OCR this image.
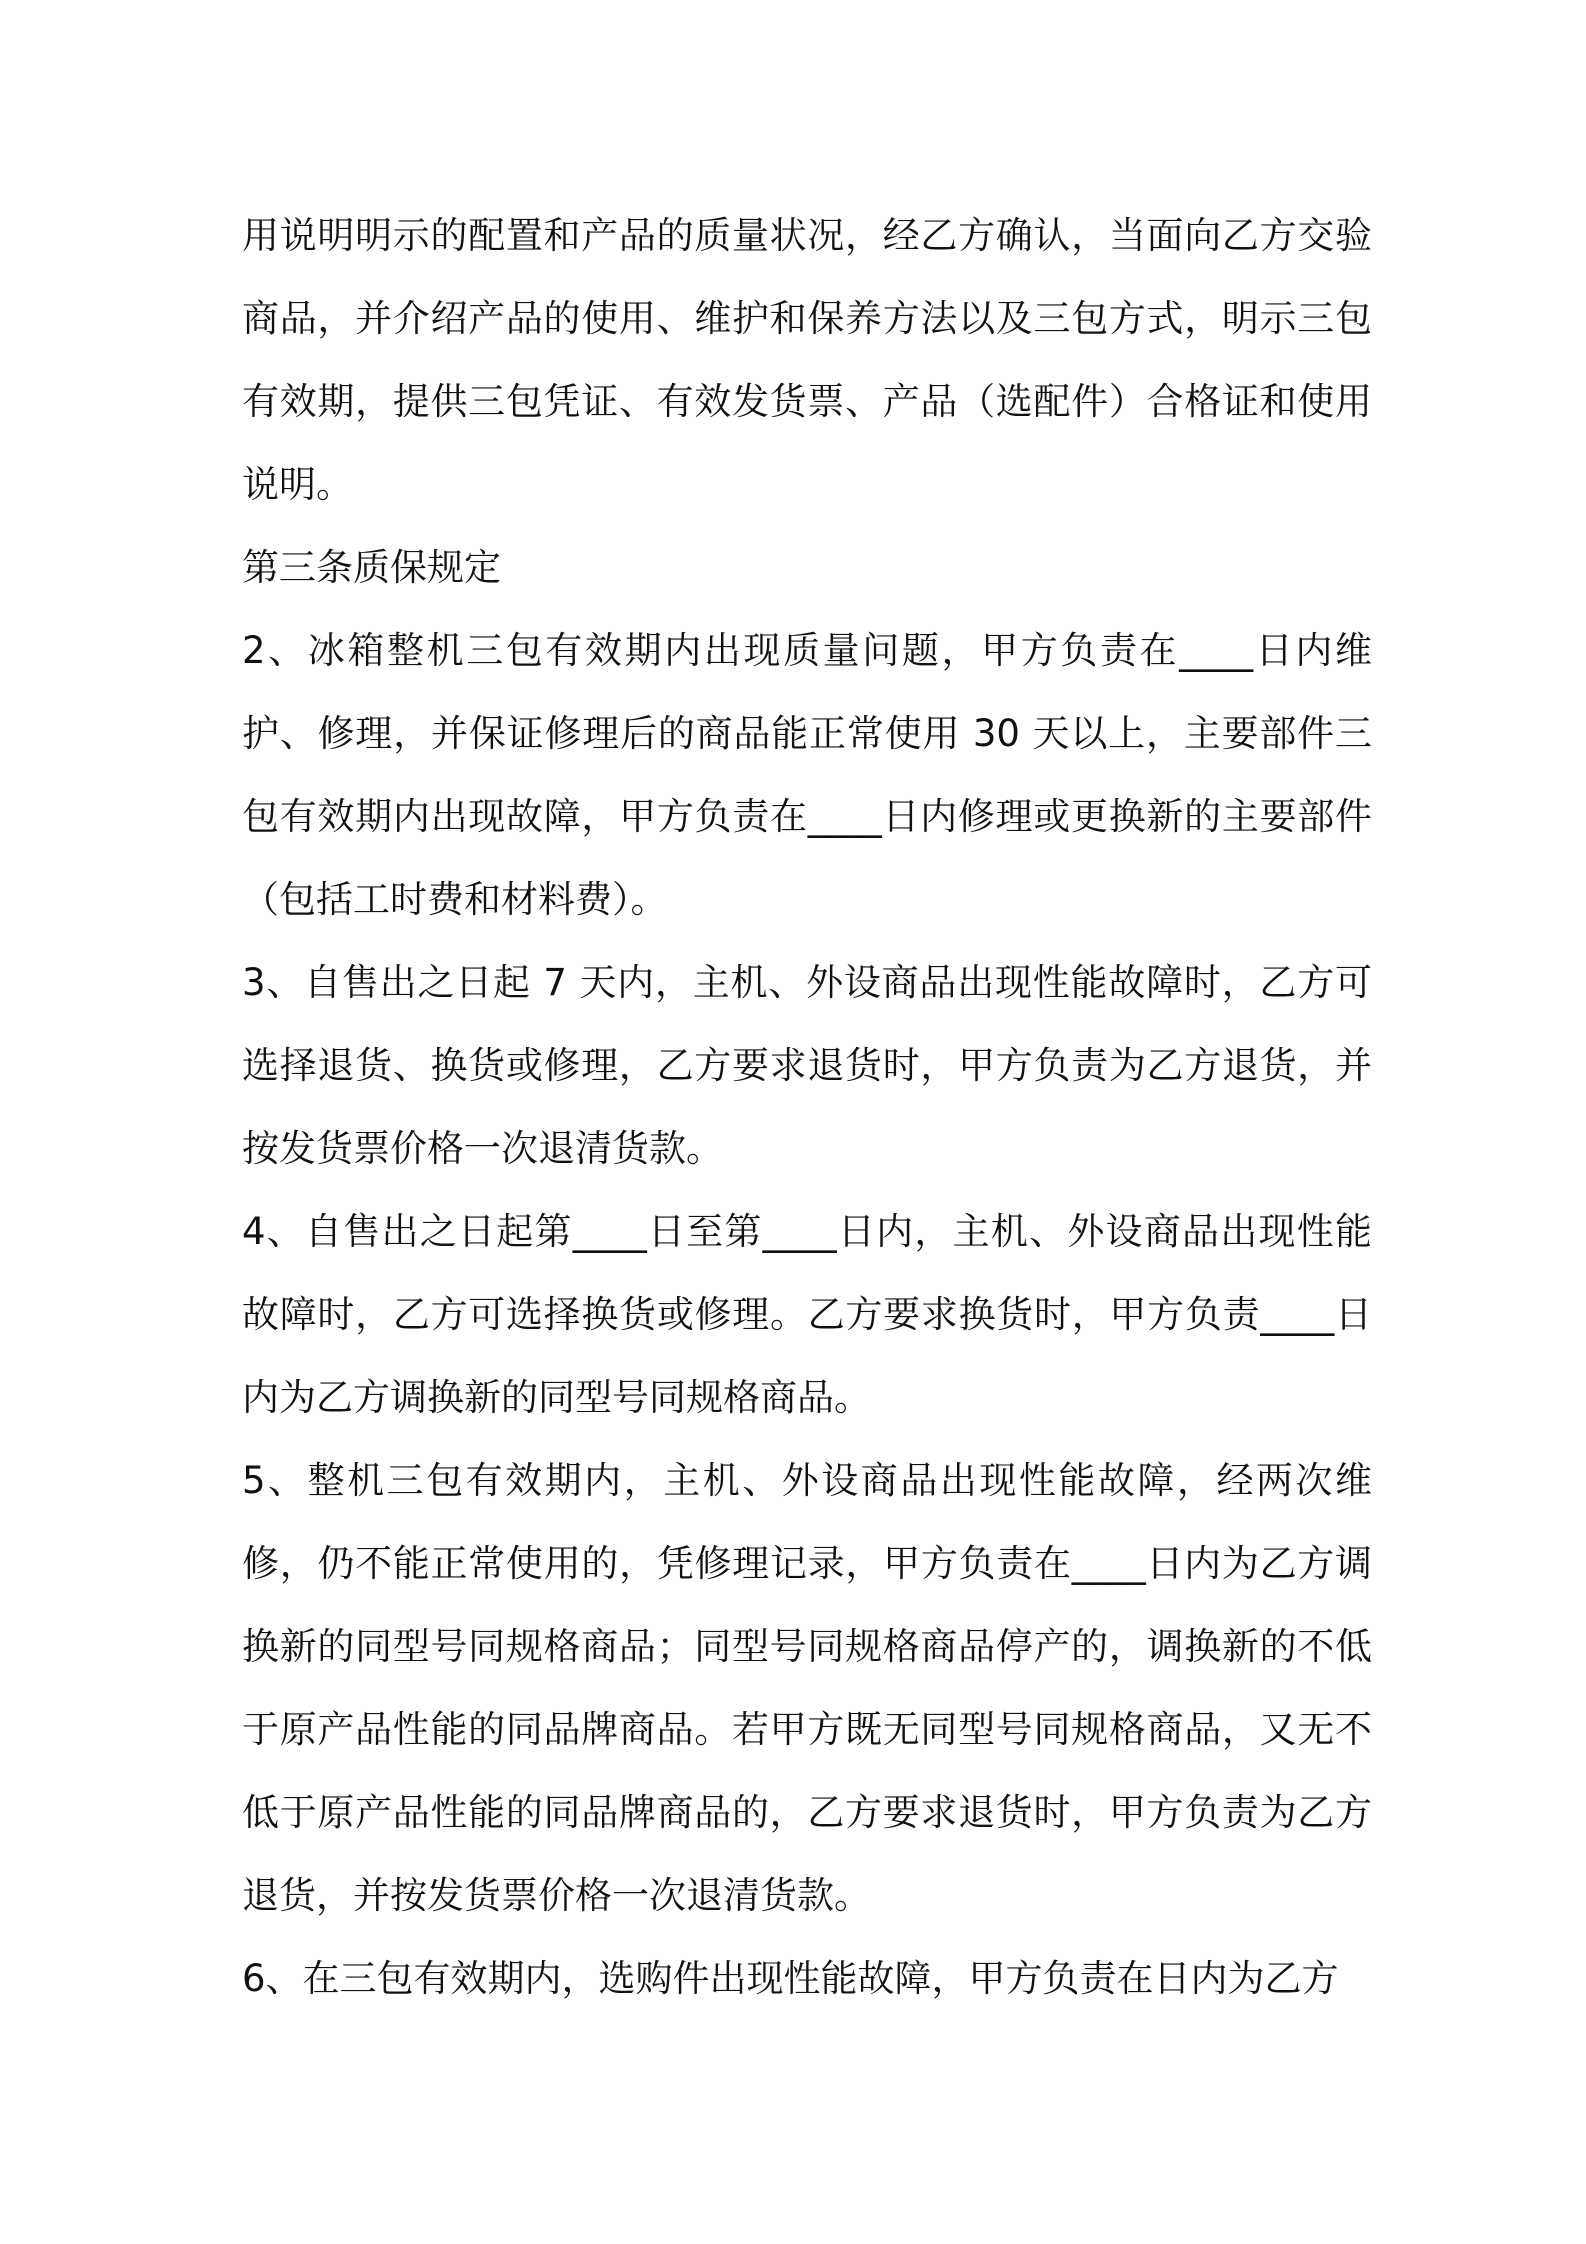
用说明明示的配置和产品的质量状况，经乙方确认，当面向乙方交验商品，并介绍产品的使用、维护和保养方法以及三包方式，明示三包有效期，提供三包凭证、有效发货票、产品（选配件）合格证和使用说明。

第三条质保规定

2、冰箱整机三包有效期内出现质量问题，甲方负责在____日内维护、修理，并保证修理后的商品能正常使用 30 天以上，主要部件三包有效期内出现故障，甲方负责在____日内修理或更换新的主要部件（包括工时费和材料费）。

3、自售出之日起 7 天内，主机、外设商品出现性能故障时，乙方可选择退货、换货或修理，乙方要求退货时，甲方负责为乙方退货，并按发货票价格一次退清货款。

4、自售出之日起第____日至第____日内，主机、外设商品出现性能故障时，乙方可选择换货或修理。乙方要求换货时，甲方负责____日内为乙方调换新的同型号同规格商品。

5、整机三包有效期内，主机、外设商品出现性能故障，经两次维修，仍不能正常使用的，凭修理记录，甲方负责在____日内为乙方调换新的同型号同规格商品；同型号同规格商品停产的，调换新的不低于原产品性能的同品牌商品。若甲方既无同型号同规格商品，又无不低于原产品性能的同品牌商品的，乙方要求退货时，甲方负责为乙方退货，并按发货票价格一次退清货款。

6、在三包有效期内，选购件出现性能故障，甲方负责在日内为乙方
